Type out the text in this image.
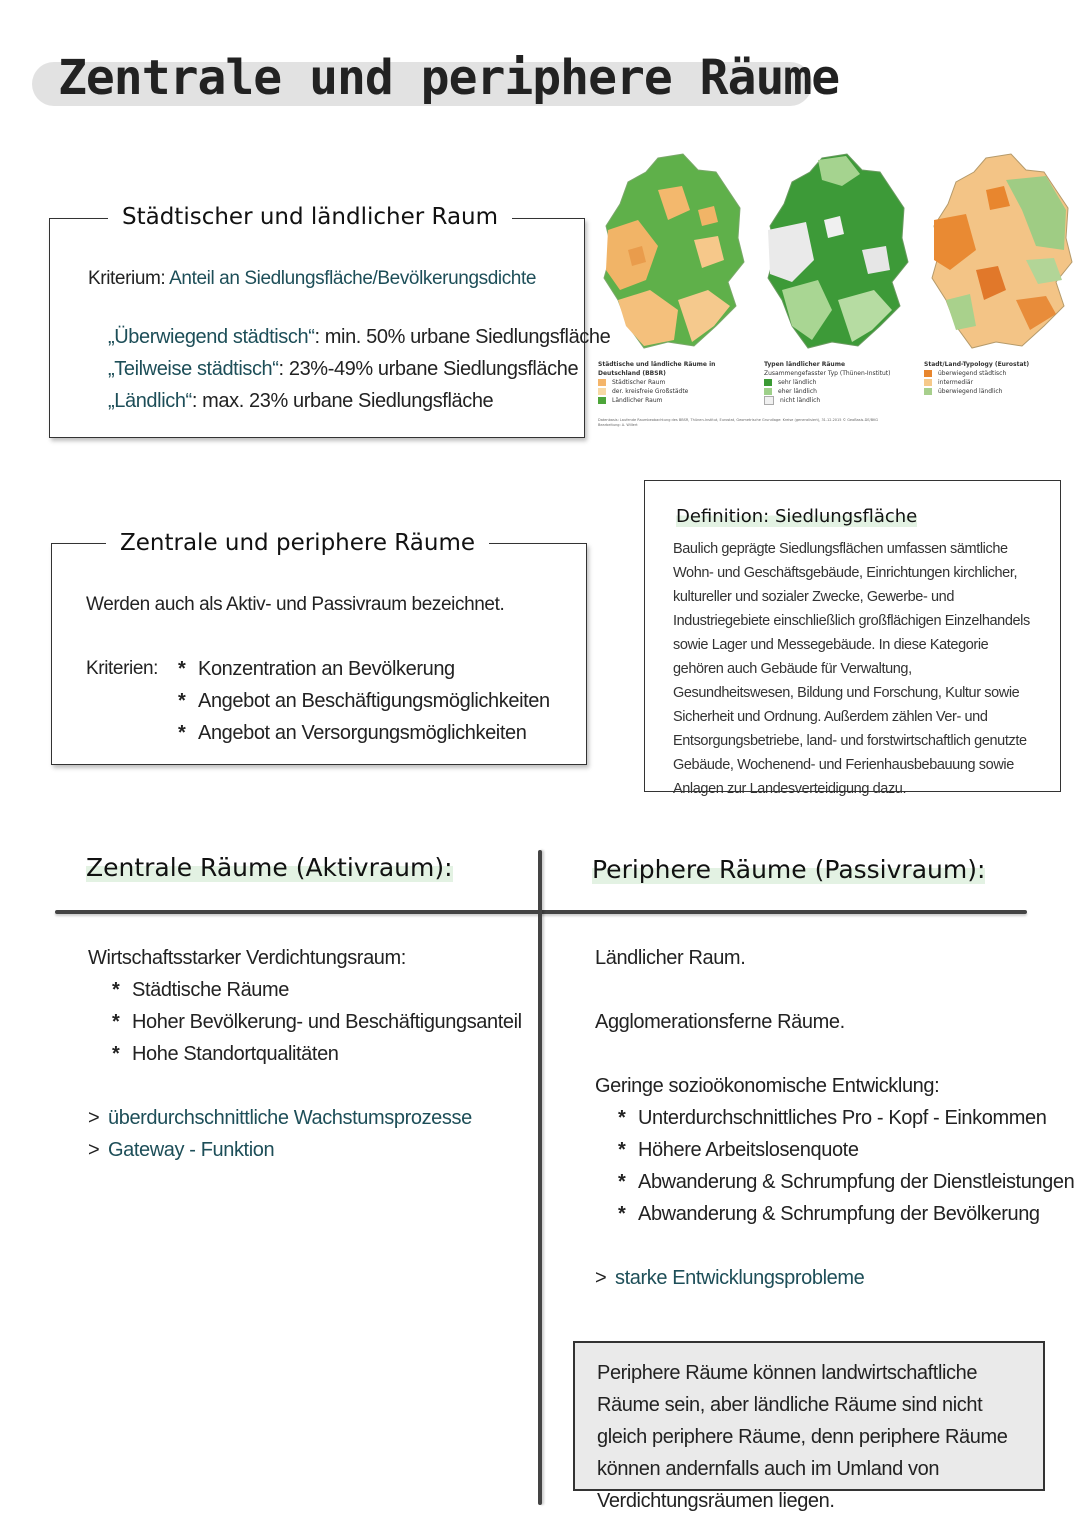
Zentrale und periphere Räume
Städtischer und ländlicher Raum
Kriterium: Anteil an Siedlungsfläche/Bevölkerungsdichte
„Überwiegend städtisch“: min. 50% urbane Siedlungsfläche
„Teilweise städtisch“: 23%-49% urbane Siedlungsfläche
„Ländlich“: max. 23% urbane Siedlungsfläche
Städtische und ländliche Räume in Deutschland (BBSR)
Städtischer Raum
der. kreisfreie Großstädte
Ländlicher Raum
Typen ländlicher Räume
Zusammengefasster Typ (Thünen-Institut)
sehr ländlich
eher ländlich
nicht ländlich
Stadt/Land-Typology (Eurostat)
überwiegend städtisch
intermediär
überwiegend ländlich
Datenbasis: Laufende Raumbeobachtung des BBSR, Thünen-Institut, Eurostat, Geometrische Grundlage: Kreise (generalisiert), 31.12.2015 © GeoBasis-DE/BKG Bearbeitung: A. Willert
Zentrale und periphere Räume
Werden auch als Aktiv- und Passivraum bezeichnet.
Kriterien:
*	Konzentration an Bevölkerung
* Angebot an Beschäftigungsmöglichkeiten
* Angebot an Versorgungsmöglichkeiten
Definition: Siedlungsfläche
Baulich geprägte Siedlungsflächen umfassen sämtliche Wohn- und Geschäftsgebäude, Einrichtungen kirchlicher, kultureller und sozialer Zwecke, Gewerbe- und Industriegebiete einschließlich großflächigen Einzelhandels sowie Lager und Messegebäude. In diese Kategorie gehören auch Gebäude für Verwaltung, Gesundheitswesen, Bildung und Forschung, Kultur sowie Sicherheit und Ordnung. Außerdem zählen Ver- und Entsorgungsbetriebe, land- und forstwirtschaftlich genutzte Gebäude, Wochenend- und Ferienhausbebauung sowie Anlagen zur Landesverteidigung dazu.
Zentrale Räume (Aktivraum):	Periphere Räume (Passivraum):
Wirtschaftsstarker Verdichtungsraum:
* Städtische Räume
* Hoher Bevölkerung- und Beschäftigungsanteil
* Hohe Standortqualitäten
> überdurchschnittliche Wachstumsprozesse
> Gateway - Funktion
Ländlicher Raum.
Agglomerationsferne Räume.
Geringe sozioökonomische Entwicklung:
* Unterdurchschnittliches Pro - Kopf - Einkommen
* Höhere Arbeitslosenquote
* Abwanderung & Schrumpfung der Dienstleistungen
* Abwanderung & Schrumpfung der Bevölkerung
> starke Entwicklungsprobleme
Periphere Räume können landwirtschaftliche Räume sein, aber ländliche Räume sind nicht gleich periphere Räume, denn periphere Räume können andernfalls auch im Umland von Verdichtungsräumen liegen.
